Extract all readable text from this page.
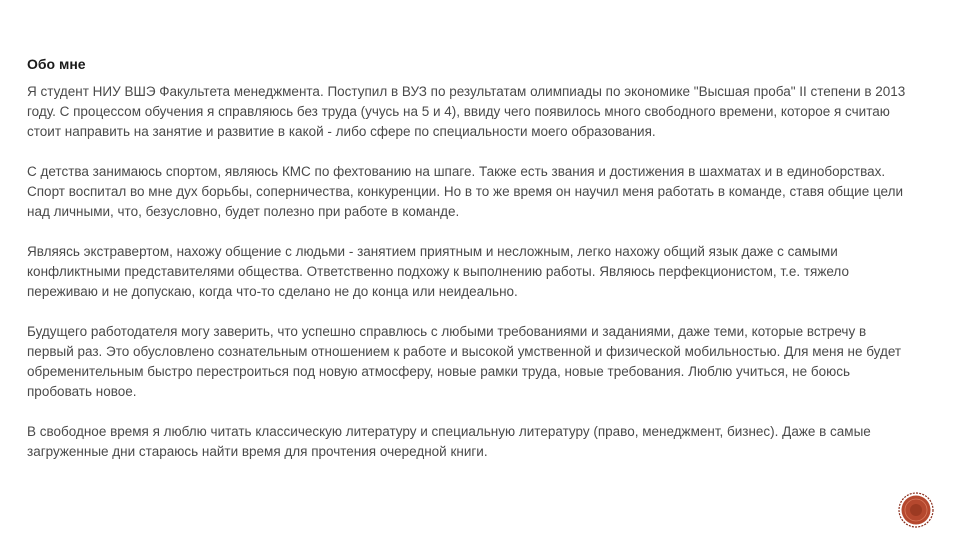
Обо мне

Я студент НИУ ВШЭ Факультета менеджмента. Поступил в ВУЗ по результатам олимпиады по экономике "Высшая проба" II степени в 2013 году. С процессом обучения я справляюсь без труда (учусь на 5 и 4), ввиду чего появилось много свободного времени, которое я считаю стоит направить на занятие и развитие в какой - либо сфере по специальности моего образования.

С детства занимаюсь спортом, являюсь КМС по фехтованию на шпаге. Также есть звания и достижения в шахматах и в единоборствах. Спорт воспитал во мне дух борьбы, соперничества, конкуренции. Но в то же время он научил меня работать в команде, ставя общие цели над личными, что, безусловно, будет полезно при работе в команде.

Являясь экстравертом, нахожу общение с людьми - занятием приятным и несложным, легко нахожу общий язык даже с самыми конфликтными представителями общества. Ответственно подхожу к выполнению работы. Являюсь перфекционистом, т.е. тяжело переживаю и не допускаю, когда что-то сделано не до конца или неидеально.

Будущего работодателя могу заверить, что успешно справлюсь с любыми требованиями и заданиями, даже теми, которые встречу в первый раз. Это обусловлено сознательным отношением к работе и высокой умственной и физической мобильностью. Для меня не будет обременительным быстро перестроиться под новую атмосферу, новые рамки труда, новые требования. Люблю учиться, не боюсь пробовать новое.

В свободное время я люблю читать классическую литературу и специальную литературу (право, менеджмент, бизнес). Даже в самые загруженные дни стараюсь найти время для прочтения очередной книги.
